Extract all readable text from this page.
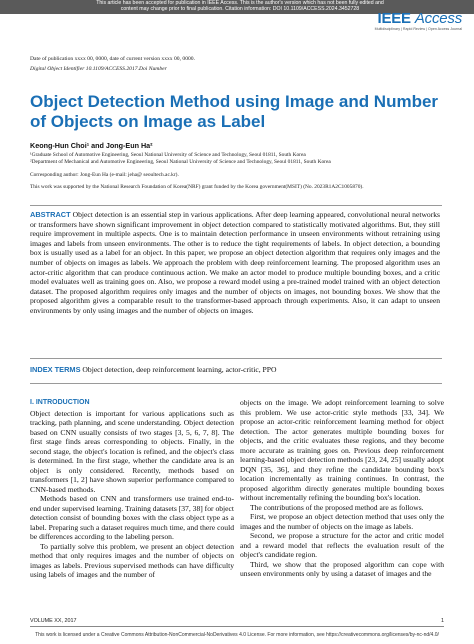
This article has been accepted for publication in IEEE Access. This is the author's version which has not been fully edited and
content may change prior to final publication. Citation information: DOI 10.1109/ACCESS.2024.3452728
IEEE Access
Multidisciplinary | Rapid Review | Open Access Journal
Date of publication xxxx 00, 0000, date of current version xxxx 00, 0000.
Digital Object Identifier 10.1109/ACCESS.2017.Doi Number
Object Detection Method using Image and Number of Objects on Image as Label
Keong-Hun Choi¹ and Jong-Eun Ha²
¹Graduate School of Automotive Engineering, Seoul National University of Science and Technology, Seoul 01811, South Korea
²Department of Mechanical and Automotive Engineering, Seoul National University of Science and Technology, Seoul 01811, South Korea
Corresponding author: Jong-Eun Ha (e-mail: jeha@ seoultech.ac.kr).
This work was supported by the National Research Foundation of Korea(NRF) grant funded by the Korea government(MSIT) (No. 2023R1A2C1005870).
ABSTRACT Object detection is an essential step in various applications. After deep learning appeared, convolutional neural networks or transformers have shown significant improvement in object detection compared to statistically motivated algorithms. But, they still require improvement in multiple aspects. One is to maintain detection performance in unseen environments without retraining using images and labels from unseen environments. The other is to reduce the tight requirements of labels. In object detection, a bounding box is usually used as a label for an object. In this paper, we propose an object detection algorithm that requires only images and the number of objects on images as labels. We approach the problem with deep reinforcement learning. The proposed algorithm uses an actor-critic algorithm that can produce continuous action. We make an actor model to produce multiple bounding boxes, and a critic model evaluates well as training goes on. Also, we propose a reward model using a pre-trained model trained with an object detection dataset. The proposed algorithm requires only images and the number of objects on images, not bounding boxes. We show that the proposed algorithm gives a comparable result to the transformer-based approach through experiments. Also, it can adapt to unseen environments by only using images and the number of objects on images.
INDEX TERMS Object detection, deep reinforcement learning, actor-critic, PPO
I. INTRODUCTION

Object detection is important for various applications such as tracking, path planning, and scene understanding. Object detection based on CNN usually consists of two stages [3, 5, 6, 7, 8]. The first stage finds areas corresponding to objects. Finally, in the second stage, the object's location is refined, and the object's class is determined. In the first stage, whether the candidate area is an object is only considered. Recently, methods based on transformers [1, 2] have shown superior performance compared to CNN-based methods.

Methods based on CNN and transformers use trained end-to-end under supervised learning. Training datasets [37, 38] for object detection consist of bounding boxes with the class object type as a label. Preparing such a dataset requires much time, and there could be differences according to the labeling person.

To partially solve this problem, we present an object detection method that only requires images and the number of objects on images as labels. Previous supervised methods can have difficulty using labels of images and the number of

objects on the image. We adopt reinforcement learning to solve this problem. We use actor-critic style methods [33, 34]. We propose an actor-critic reinforcement learning method for object detection. The actor generates multiple bounding boxes for objects, and the critic evaluates these regions, and they become more accurate as training goes on. Previous deep reinforcement learning-based object detection methods [23, 24, 25] usually adopt DQN [35, 36], and they refine the candidate bounding box's location incrementally as training continues. In contrast, the proposed algorithm directly generates multiple bounding boxes without incrementally refining the bounding box's location.

The contributions of the proposed method are as follows.

First, we propose an object detection method that uses only the images and the number of objects on the image as labels.

Second, we propose a structure for the actor and critic model and a reward model that reflects the evaluation result of the object's candidate region.

Third, we show that the proposed algorithm can cope with unseen environments only by using a dataset of images and the

VOLUME XX, 2017	1
This work is licensed under a Creative Commons Attribution-NonCommercial-NoDerivatives 4.0 License. For more information, see https://creativecommons.org/licenses/by-nc-nd/4.0/
